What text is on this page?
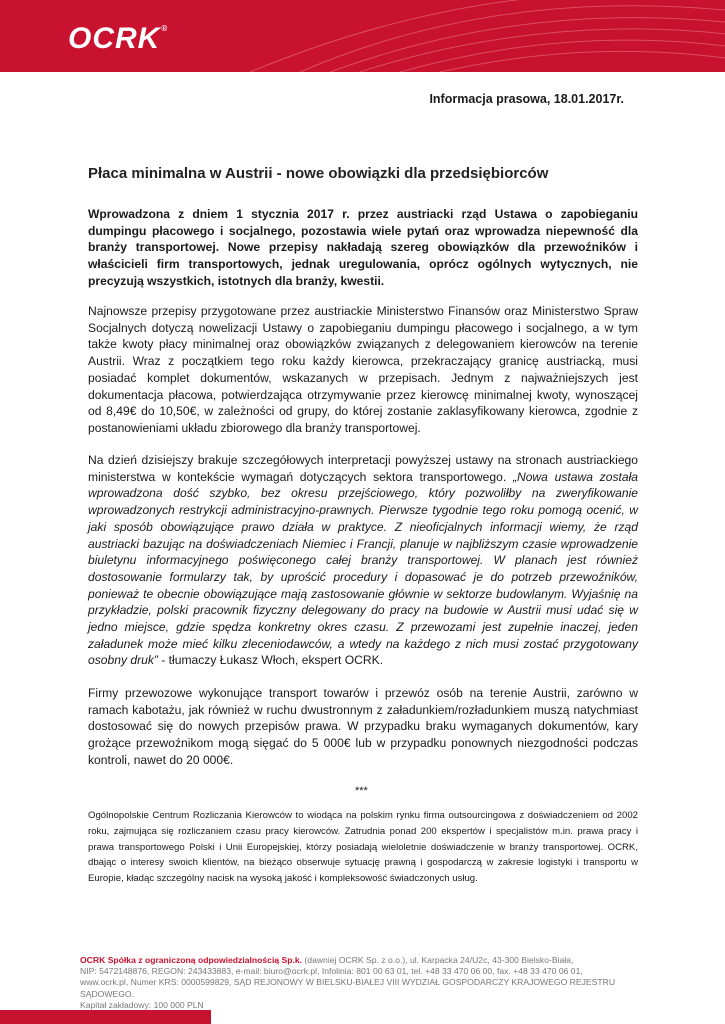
OCRK®
Informacja prasowa, 18.01.2017r.
Płaca minimalna w Austrii - nowe obowiązki dla przedsiębiorców
Wprowadzona z dniem 1 stycznia 2017 r. przez austriacki rząd Ustawa o zapobieganiu dumpingu płacowego i socjalnego, pozostawia wiele pytań oraz wprowadza niepewność dla branży transportowej. Nowe przepisy nakładają szereg obowiązków dla przewoźników i właścicieli firm transportowych, jednak uregulowania, oprócz ogólnych wytycznych, nie precyzują wszystkich, istotnych dla branży, kwestii.
Najnowsze przepisy przygotowane przez austriackie Ministerstwo Finansów oraz Ministerstwo Spraw Socjalnych dotyczą nowelizacji Ustawy o zapobieganiu dumpingu płacowego i socjalnego, a w tym także kwoty płacy minimalnej oraz obowiązków związanych z delegowaniem kierowców na terenie Austrii. Wraz z początkiem tego roku każdy kierowca, przekraczający granicę austriacką, musi posiadać komplet dokumentów, wskazanych w przepisach. Jednym z najważniejszych jest dokumentacja płacowa, potwierdzająca otrzymywanie przez kierowcę minimalnej kwoty, wynoszącej od 8,49€ do 10,50€, w zależności od grupy, do której zostanie zaklasyfikowany kierowca, zgodnie z postanowieniami układu zbiorowego dla branży transportowej.
Na dzień dzisiejszy brakuje szczegółowych interpretacji powyższej ustawy na stronach austriackiego ministerstwa w kontekście wymagań dotyczących sektora transportowego. „Nowa ustawa została wprowadzona dość szybko, bez okresu przejściowego, który pozwoliłby na zweryfikowanie wprowadzonych restrykcji administracyjno-prawnych. Pierwsze tygodnie tego roku pomogą ocenić, w jaki sposób obowiązujące prawo działa w praktyce. Z nieoficjalnych informacji wiemy, że rząd austriacki bazując na doświadczeniach Niemiec i Francji, planuje w najbliższym czasie wprowadzenie biuletynu informacyjnego poświęconego całej branży transportowej. W planach jest również dostosowanie formularzy tak, by uprościć procedury i dopasować je do potrzeb przewoźników, ponieważ te obecnie obowiązujące mają zastosowanie głównie w sektorze budowlanym. Wyjaśnię na przykładzie, polski pracownik fizyczny delegowany do pracy na budowie w Austrii musi udać się w jedno miejsce, gdzie spędza konkretny okres czasu. Z przewozami jest zupełnie inaczej, jeden załadunek może mieć kilku zleceniodawców, a wtedy na każdego z nich musi zostać przygotowany osobny druk” - tłumaczy Łukasz Włoch, ekspert OCRK.
Firmy przewozowe wykonujące transport towarów i przewóz osób na terenie Austrii, zarówno w ramach kabotażu, jak również w ruchu dwustronnym z załadunkiem/rozładunkiem muszą natychmiast dostosować się do nowych przepisów prawa. W przypadku braku wymaganych dokumentów, kary grożące przewoźnikom mogą sięgać do 5 000€ lub w przypadku ponownych niezgodności podczas kontroli, nawet do 20 000€.
***
Ogólnopolskie Centrum Rozliczania Kierowców to wiodąca na polskim rynku firma outsourcingowa z doświadczeniem od 2002 roku, zajmująca się rozliczaniem czasu pracy kierowców. Zatrudnia ponad 200 ekspertów i specjalistów m.in. prawa pracy i prawa transportowego Polski i Unii Europejskiej, którzy posiadają wieloletnie doświadczenie w branży transportowej. OCRK, dbając o interesy swoich klientów, na bieżąco obserwuje sytuację prawną i gospodarczą w zakresie logistyki i transportu w Europie, kładąc szczególny nacisk na wysoką jakość i kompleksowość świadczonych usług.
OCRK Spółka z ograniczoną odpowiedzialnością Sp.k. (dawniej OCRK Sp. z o.o.), ul. Karpacka 24/U2c, 43-300 Bielsko-Biała,
NIP: 5472148876, REGON: 243433883, e-mail: biuro@ocrk.pl, Infolinia: 801 00 63 01, tel. +48 33 470 06 00, fax. +48 33 470 06 01,
www.ocrk.pl, Numer KRS: 0000599829, SĄD REJONOWY W BIELSKU-BIAŁEJ VIII WYDZIAŁ GOSPODARCZY KRAJOWEGO REJESTRU SĄDOWEGO.
Kapitał zakładowy: 100 000 PLN
